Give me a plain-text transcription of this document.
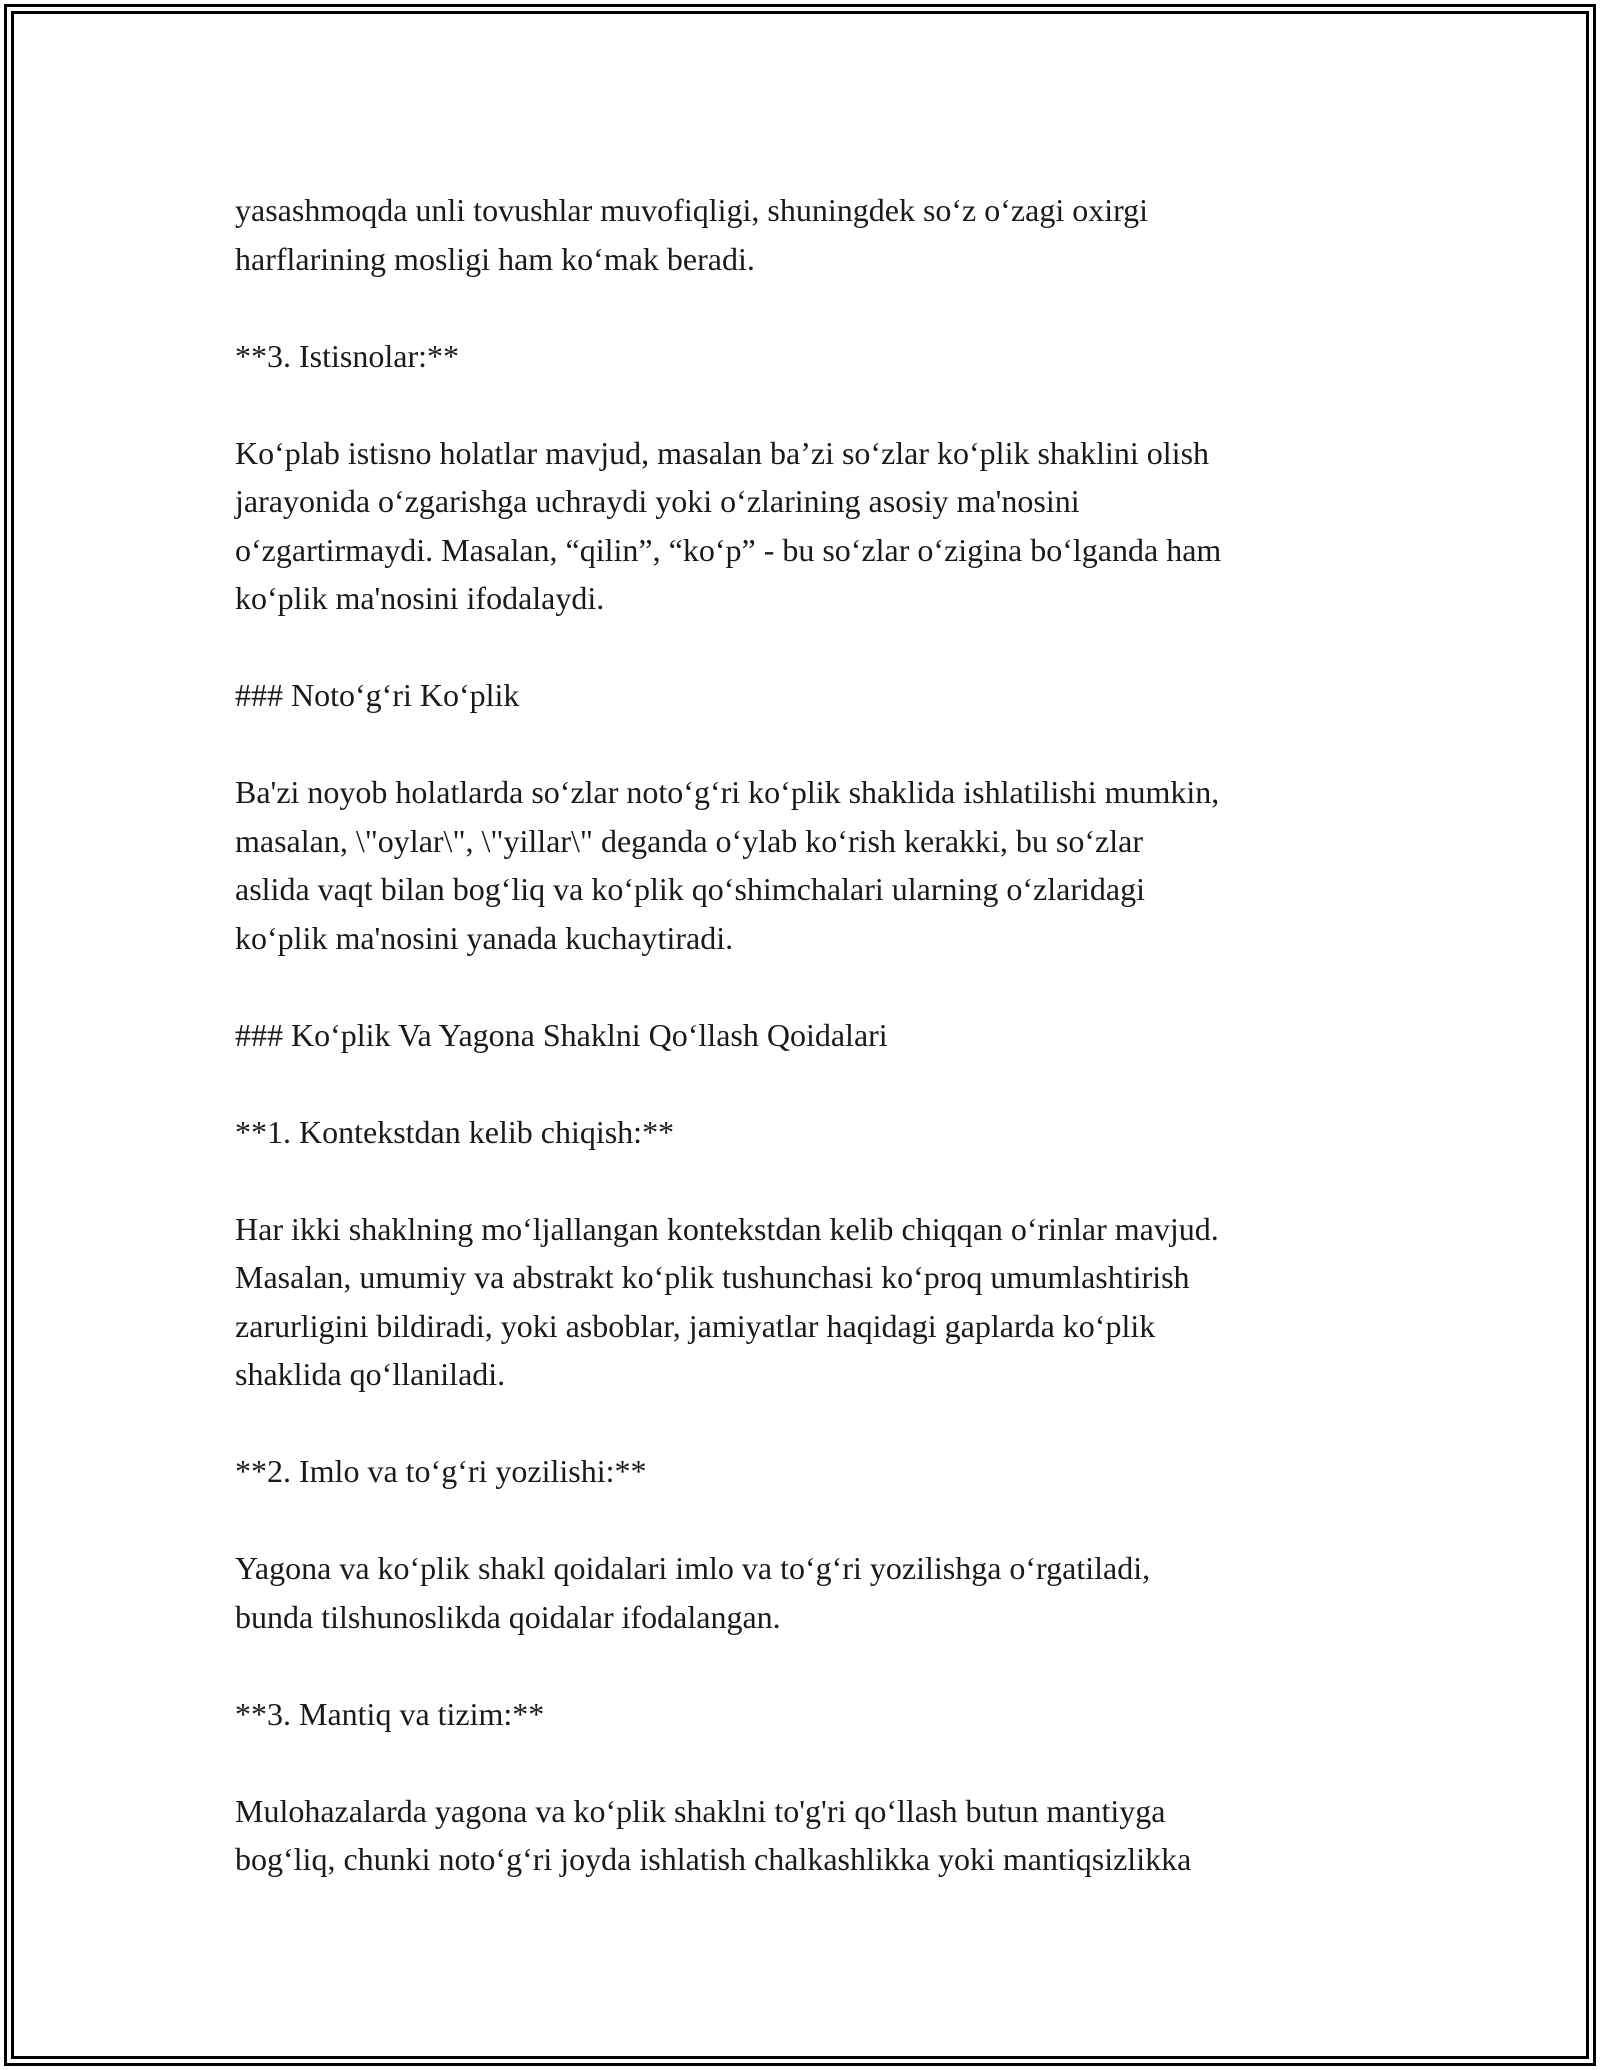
yasashmoqda unli tovushlar muvofiqligi, shuningdek soʻz oʻzagi oxirgi
harflarining mosligi ham koʻmak beradi.

**3. Istisnolar:**

Koʻplab istisno holatlar mavjud, masalan baʼzi soʻzlar koʻplik shaklini olish
jarayonida oʻzgarishga uchraydi yoki oʻzlarining asosiy ma'nosini
oʻzgartirmaydi. Masalan, “qilin”, “koʻp” - bu soʻzlar oʻzigina boʻlganda ham
koʻplik ma'nosini ifodalaydi.

### Notoʻgʻri Koʻplik

Ba'zi noyob holatlarda soʻzlar notoʻgʻri koʻplik shaklida ishlatilishi mumkin,
masalan, \"oylar\", \"yillar\" deganda oʻylab koʻrish kerakki, bu soʻzlar
aslida vaqt bilan bogʻliq va koʻplik qoʻshimchalari ularning oʻzlaridagi
koʻplik ma'nosini yanada kuchaytiradi.

### Koʻplik Va Yagona Shaklni Qoʻllash Qoidalari

**1. Kontekstdan kelib chiqish:**

Har ikki shaklning moʻljallangan kontekstdan kelib chiqqan oʻrinlar mavjud.
Masalan, umumiy va abstrakt koʻplik tushunchasi koʻproq umumlashtirish
zarurligini bildiradi, yoki asboblar, jamiyatlar haqidagi gaplarda koʻplik
shaklida qoʻllaniladi.

**2. Imlo va toʻgʻri yozilishi:**

Yagona va koʻplik shakl qoidalari imlo va toʻgʻri yozilishga oʻrgatiladi,
bunda tilshunoslikda qoidalar ifodalangan.

**3. Mantiq va tizim:**

Mulohazalarda yagona va koʻplik shaklni to'g'ri qoʻllash butun mantiyga
bogʻliq, chunki notoʻgʻri joyda ishlatish chalkashlikka yoki mantiqsizlikka
